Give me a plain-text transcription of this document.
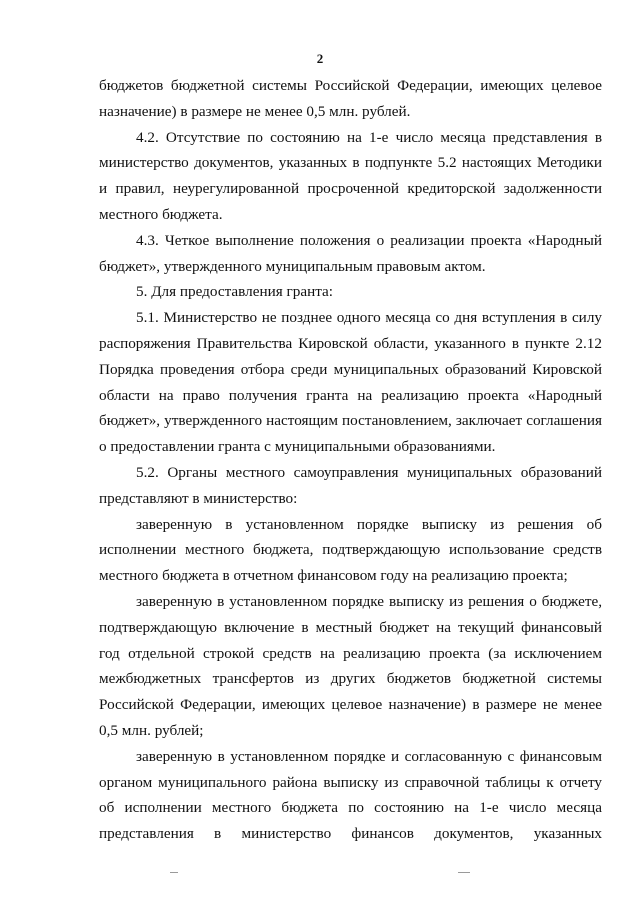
2

бюджетов бюджетной системы Российской Федерации, имеющих целевое назначение) в размере не менее 0,5 млн. рублей.

4.2. Отсутствие по состоянию на 1-е число месяца представления в министерство документов, указанных в подпункте 5.2 настоящих Методики и правил, неурегулированной просроченной кредиторской задолженности местного бюджета.

4.3. Четкое выполнение положения о реализации проекта «Народный бюджет», утвержденного муниципальным правовым актом.

5. Для предоставления гранта:

5.1. Министерство не позднее одного месяца со дня вступления в силу распоряжения Правительства Кировской области, указанного в пункте 2.12 Порядка проведения отбора среди муниципальных образований Кировской области на право получения гранта на реализацию проекта «Народный бюджет», утвержденного настоящим постановлением, заключает соглашения о предоставлении гранта с муниципальными образованиями.

5.2. Органы местного самоуправления муниципальных образований представляют в министерство:

заверенную в установленном порядке выписку из решения об исполнении местного бюджета, подтверждающую использование средств местного бюджета в отчетном финансовом году на реализацию проекта;

заверенную в установленном порядке выписку из решения о бюджете, подтверждающую включение в местный бюджет на текущий финансовый год отдельной строкой средств на реализацию проекта (за исключением межбюджетных трансфертов из других бюджетов бюджетной системы Российской Федерации, имеющих целевое назначение) в размере не менее 0,5 млн. рублей;

заверенную в установленном порядке и согласованную с финансовым органом муниципального района выписку из справочной таблицы к отчету об исполнении местного бюджета по состоянию на 1-е число месяца представления в министерство финансов документов, указанных
